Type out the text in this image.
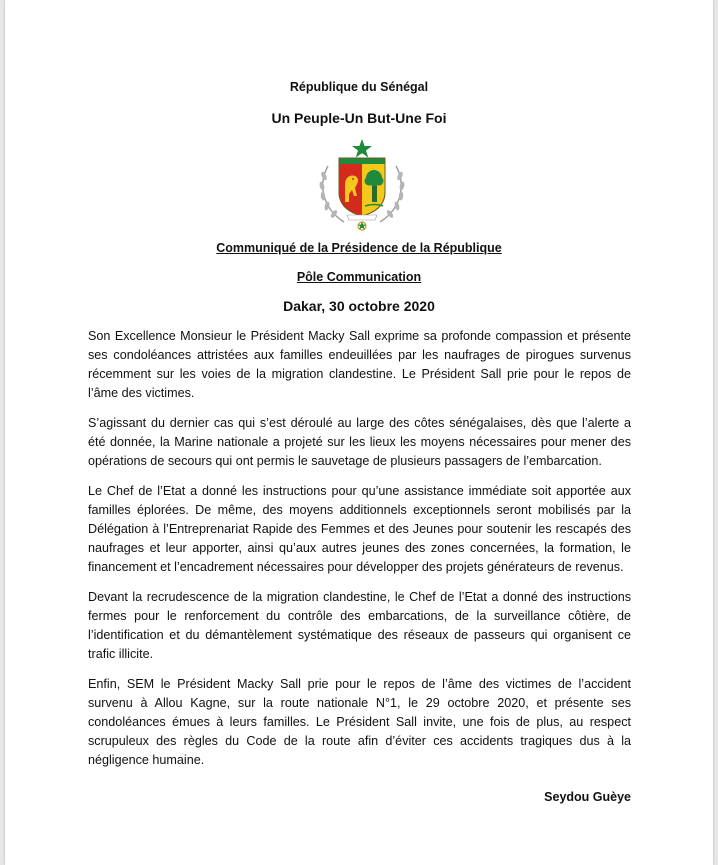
République du Sénégal
Un Peuple-Un But-Une Foi
Communiqué de la Présidence de la République
Pôle Communication
Dakar, 30 octobre 2020

Son Excellence Monsieur le Président Macky Sall exprime sa profonde compassion et présente ses condoléances attristées aux familles endeuillées par les naufrages de pirogues survenus récemment sur les voies de la migration clandestine. Le Président Sall prie pour le repos de l’âme des victimes.

S’agissant du dernier cas qui s’est déroulé au large des côtes sénégalaises, dès que l’alerte a été donnée, la Marine nationale a projeté sur les lieux les moyens nécessaires pour mener des opérations de secours qui ont permis le sauvetage de plusieurs passagers de l’embarcation.

Le Chef de l’Etat a donné les instructions pour qu’une assistance immédiate soit apportée aux familles éplorées. De même, des moyens additionnels exceptionnels seront mobilisés par la Délégation à l’Entreprenariat Rapide des Femmes et des Jeunes pour soutenir les rescapés des naufrages et leur apporter, ainsi qu’aux autres jeunes des zones concernées, la formation, le financement et l’encadrement nécessaires pour développer des projets générateurs de revenus.

Devant la recrudescence de la migration clandestine, le Chef de l’Etat a donné des instructions fermes pour le renforcement du contrôle des embarcations, de la surveillance côtière, de l’identification et du démantèlement systématique des réseaux de passeurs qui organisent ce trafic illicite.

Enfin, SEM le Président Macky Sall prie pour le repos de l’âme des victimes de l’accident survenu à Allou Kagne, sur la route nationale N°1, le 29 octobre 2020, et présente ses condoléances émues à leurs familles. Le Président Sall invite, une fois de plus, au respect scrupuleux des règles du Code de la route afin d’éviter ces accidents tragiques dus à la négligence humaine.

Seydou Guèye
